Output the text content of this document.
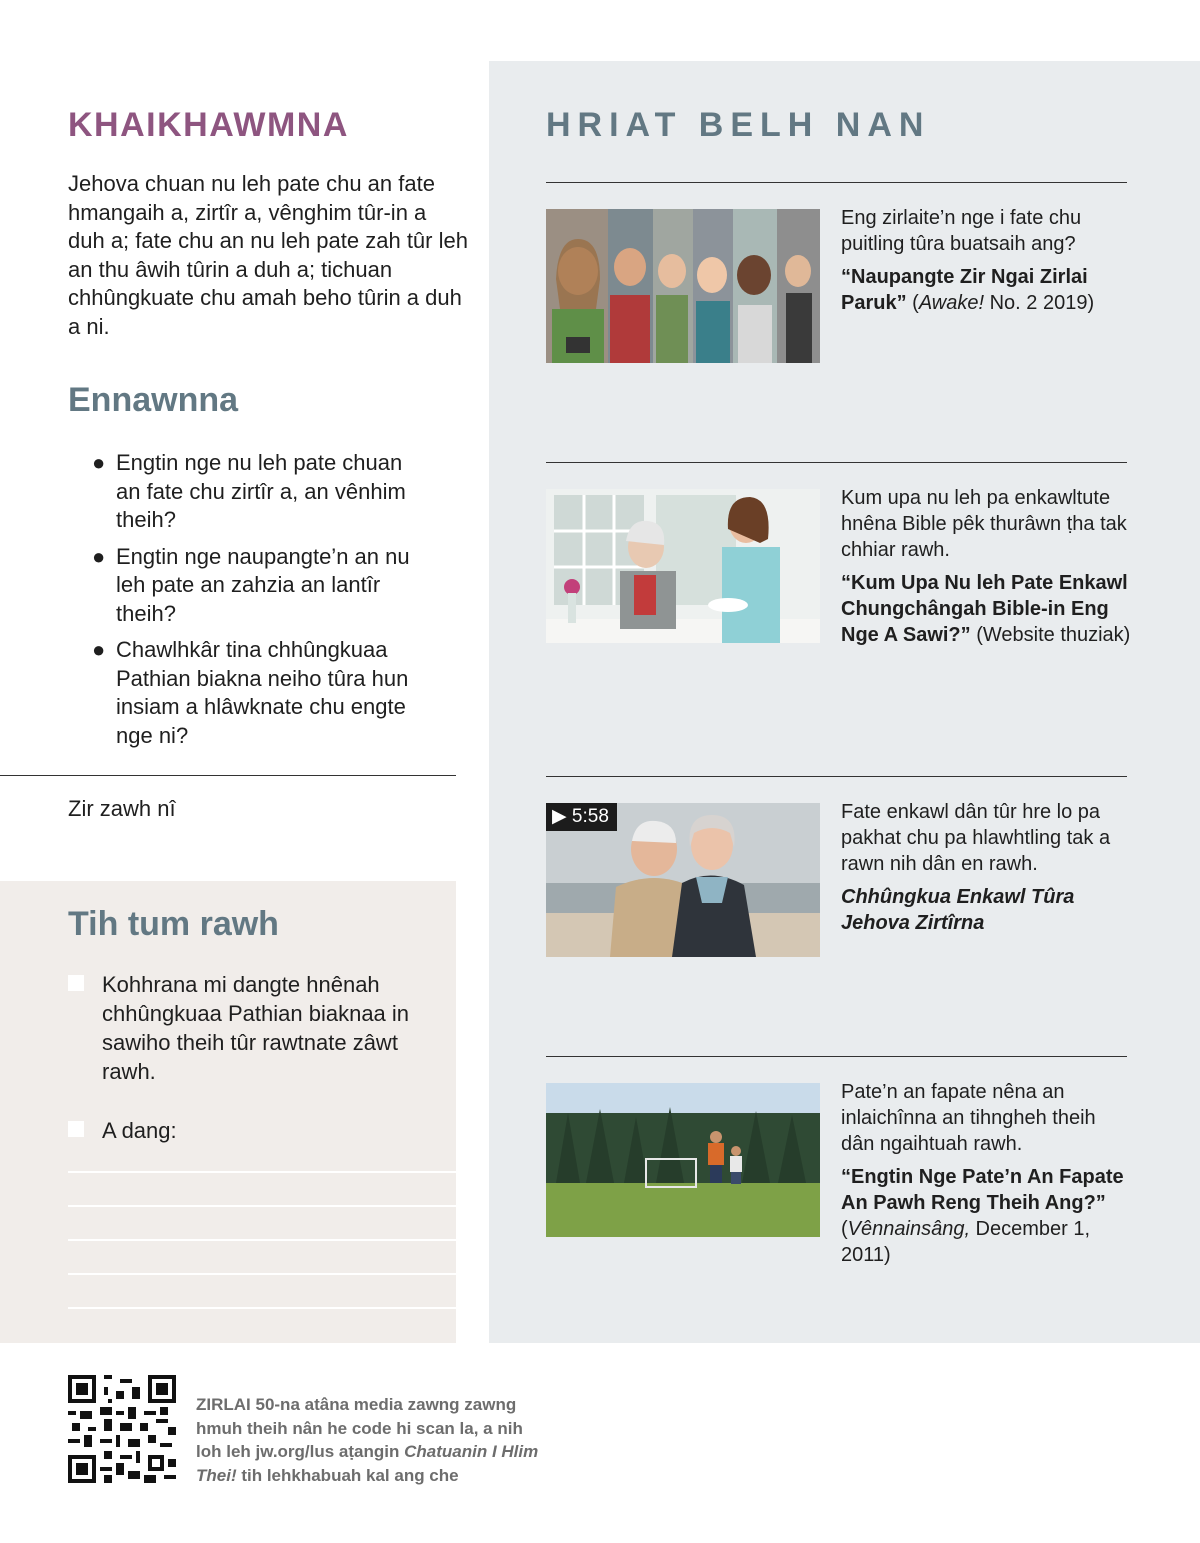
KHAIKHAWMNA
Jehova chuan nu leh pate chu an fate hmangaih a, zirtîr a, vênghim tûr-in a duh a; fate chu an nu leh pate zah tûr leh an thu âwih tûrin a duh a; tichuan chhûngkuate chu amah beho tûrin a duh a ni.
Ennawnna
● Engtin nge nu leh pate chuan an fate chu zirtîr a, an vênhim theih?
● Engtin nge naupangte’n an nu leh pate an zahzia an lantîr theih?
● Chawlhkâr tina chhûngkuaa Pathian biakna neiho tûra hun insiam a hlâwknate chu engte nge ni?
Zir zawh nî
Tih tum rawh
Kohhrana mi dangte hnênah chhûngkuaa Pathian biaknaa in sawiho theih tûr rawtnate zâwt rawh.
A dang:
HRIAT BELH NAN
Eng zirlaite’n nge i fate chu puitling tûra buatsaih ang?
“Naupangte Zir Ngai Zirlai Paruk” (Awake! No. 2 2019)
Kum upa nu leh pa enkawltute hnêna Bible pêk thurâwn ṭha tak chhiar rawh.
“Kum Upa Nu leh Pate Enkawl Chungchângah Bible-in Eng Nge A Sawi?” (Website thuziak)
▶ 5:58	Fate enkawl dân tûr hre lo pa pakhat chu pa hlawhtling tak a rawn nih dân en rawh.
Chhûngkua Enkawl Tûra Jehova Zirtîrna
Pate’n an fapate nêna an inlaichînna an tihngheh theih dân ngaihtuah rawh.
“Engtin Nge Pate’n An Fapate An Pawh Reng Theih Ang?” (Vênnainsâng, December 1, 2011)
ZIRLAI 50-na atâna media zawng zawng hmuh theih nân he code hi scan la, a nih loh leh jw.org/lus aṭangin Chatuanin I Hlim Thei! tih lehkhabuah kal ang che
